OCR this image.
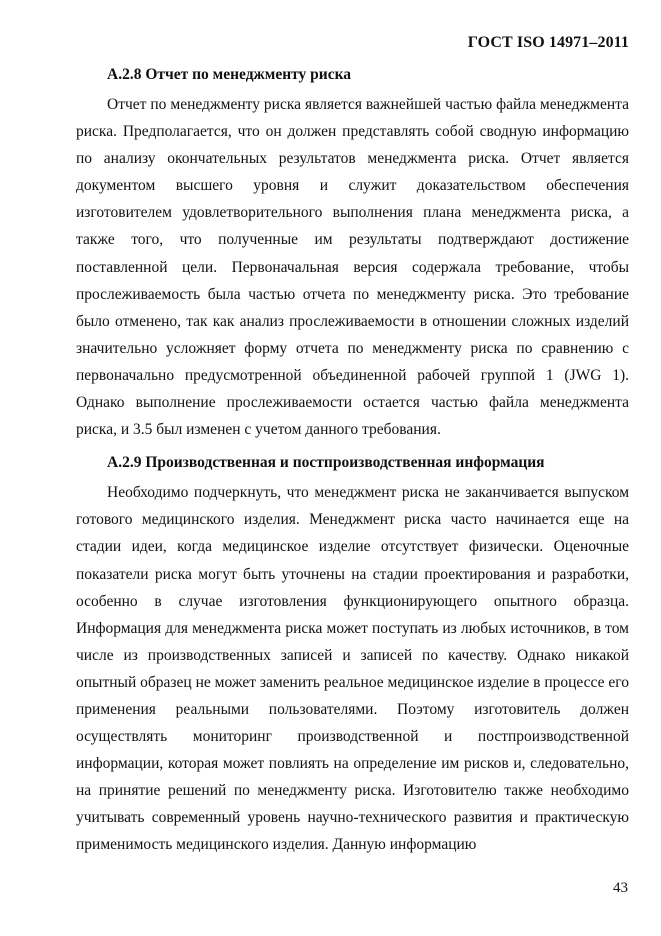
ГОСТ ISO 14971–2011
A.2.8 Отчет по менеджменту риска

Отчет по менеджменту риска является важнейшей частью файла менеджмента риска. Предполагается, что он должен представлять собой сводную информацию по анализу окончательных результатов менеджмента риска. Отчет является документом высшего уровня и служит доказательством обеспечения изготовителем удовлетворительного выполнения плана менеджмента риска, а также того, что полученные им результаты подтверждают достижение поставленной цели. Первоначальная версия содержала требование, чтобы прослеживаемость была частью отчета по менеджменту риска. Это требование было отменено, так как анализ прослеживаемости в отношении сложных изделий значительно усложняет форму отчета по менеджменту риска по сравнению с первоначально предусмотренной объединенной рабочей группой 1 (JWG 1). Однако выполнение прослеживаемости остается частью файла менеджмента риска, и 3.5 был изменен с учетом данного требования.

A.2.9 Производственная и постпроизводственная информация

Необходимо подчеркнуть, что менеджмент риска не заканчивается выпуском готового медицинского изделия. Менеджмент риска часто начинается еще на стадии идеи, когда медицинское изделие отсутствует физически. Оценочные показатели риска могут быть уточнены на стадии проектирования и разработки, особенно в случае изготовления функционирующего опытного образца. Информация для менеджмента риска может поступать из любых источников, в том числе из производственных записей и записей по качеству. Однако никакой опытный образец не может заменить реальное медицинское изделие в процессе его применения реальными пользователями. Поэтому изготовитель должен осуществлять мониторинг производственной и постпроизводственной информации, которая может повлиять на определение им рисков и, следовательно, на принятие решений по менеджменту риска. Изготовителю также необходимо учитывать современный уровень научно-технического развития и практическую применимость медицинского изделия. Данную информацию

43
